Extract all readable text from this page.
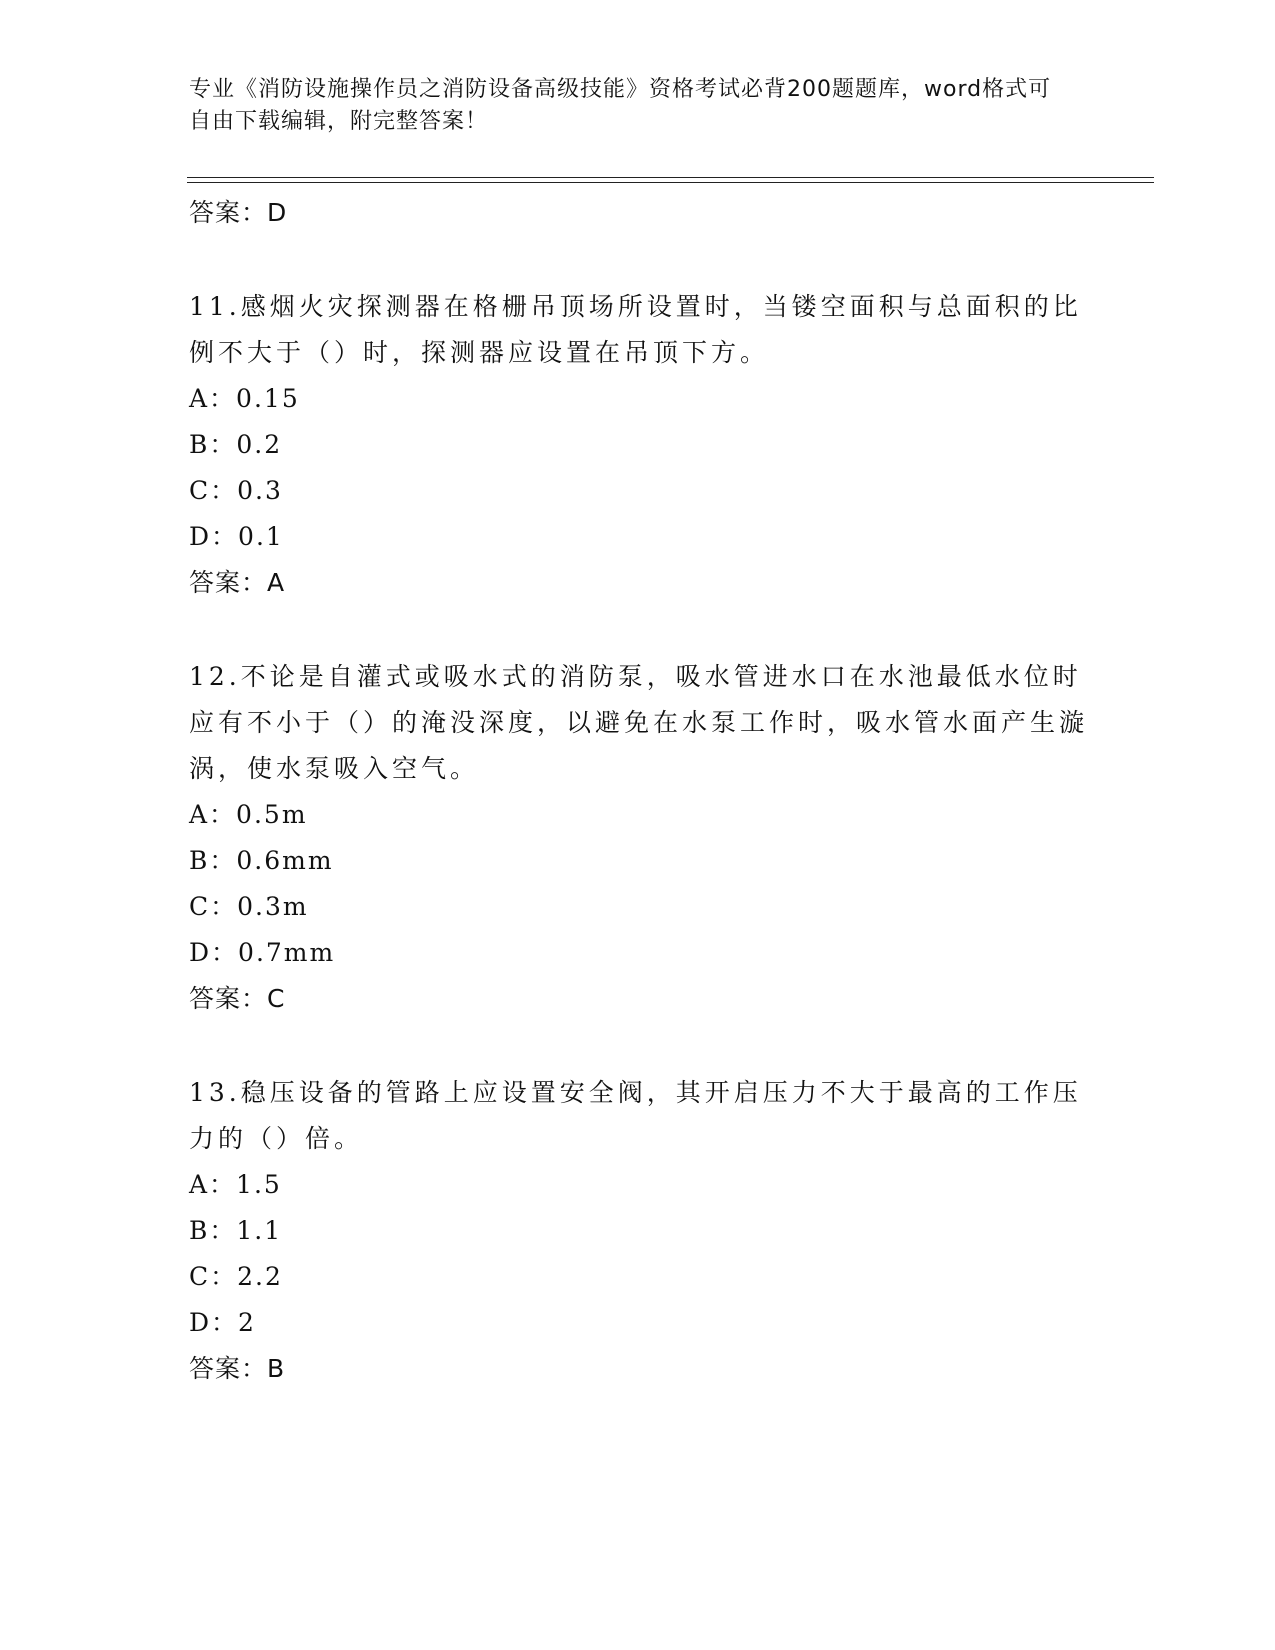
专业《消防设施操作员之消防设备高级技能》资格考试必背200题题库，word格式可自由下载编辑，附完整答案！
答案：D
11.感烟火灾探测器在格栅吊顶场所设置时，当镂空面积与总面积的比例不大于（）时，探测器应设置在吊顶下方。
A：0.15
B：0.2
C：0.3
D：0.1
答案：A
12.不论是自灌式或吸水式的消防泵，吸水管进水口在水池最低水位时应有不小于（）的淹没深度，以避免在水泵工作时，吸水管水面产生漩涡，使水泵吸入空气。
A：0.5m
B：0.6mm
C：0.3m
D：0.7mm
答案：C
13.稳压设备的管路上应设置安全阀，其开启压力不大于最高的工作压力的（）倍。
A：1.5
B：1.1
C：2.2
D：2
答案：B
